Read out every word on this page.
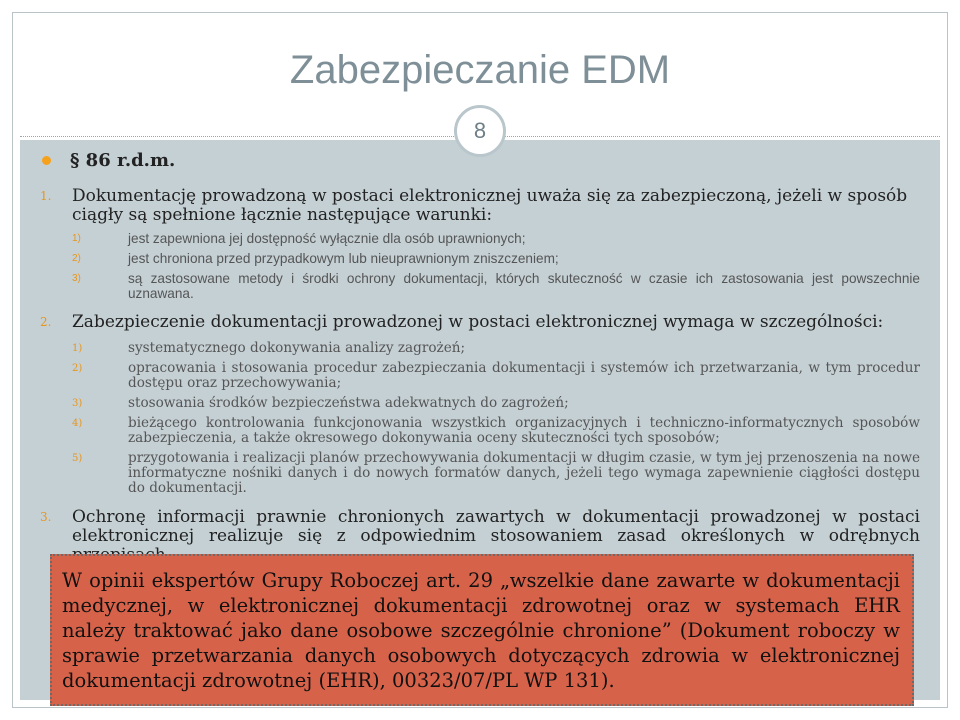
Zabezpieczanie EDM
8
§ 86 r.d.m.
1. Dokumentację prowadzoną w postaci elektronicznej uważa się za zabezpieczoną, jeżeli w sposób ciągły są spełnione łącznie następujące warunki:
1)	jest zapewniona jej dostępność wyłącznie dla osób uprawnionych;
2)	jest chroniona przed przypadkowym lub nieuprawnionym zniszczeniem;
3)	są zastosowane metody i środki ochrony dokumentacji, których skuteczność w czasie ich zastosowania jest powszechnie uznawana.
2. Zabezpieczenie dokumentacji prowadzonej w postaci elektronicznej wymaga w szczególności:
1)	systematycznego dokonywania analizy zagrożeń;
2)	opracowania i stosowania procedur zabezpieczania dokumentacji i systemów ich przetwarzania, w tym procedur dostępu oraz przechowywania;
3)	stosowania środków bezpieczeństwa adekwatnych do zagrożeń;
4)	bieżącego kontrolowania funkcjonowania wszystkich organizacyjnych i techniczno-informatycznych sposobów zabezpieczenia, a także okresowego dokonywania oceny skuteczności tych sposobów;
5)	przygotowania i realizacji planów przechowywania dokumentacji w długim czasie, w tym jej przenoszenia na nowe informatyczne nośniki danych i do nowych formatów danych, jeżeli tego wymaga zapewnienie ciągłości dostępu do dokumentacji.
3. Ochronę informacji prawnie chronionych zawartych w dokumentacji prowadzonej w postaci elektronicznej realizuje się z odpowiednim stosowaniem zasad określonych w odrębnych
W opinii ekspertów Grupy Roboczej art. 29 „wszelkie dane zawarte w dokumentacji medycznej, w elektronicznej dokumentacji zdrowotnej oraz w systemach EHR należy traktować jako dane osobowe szczególnie chronione” (Dokument roboczy w sprawie przetwarzania danych osobowych dotyczących zdrowia w elektronicznej dokumentacji zdrowotnej (EHR), 00323/07/PL WP 131).
